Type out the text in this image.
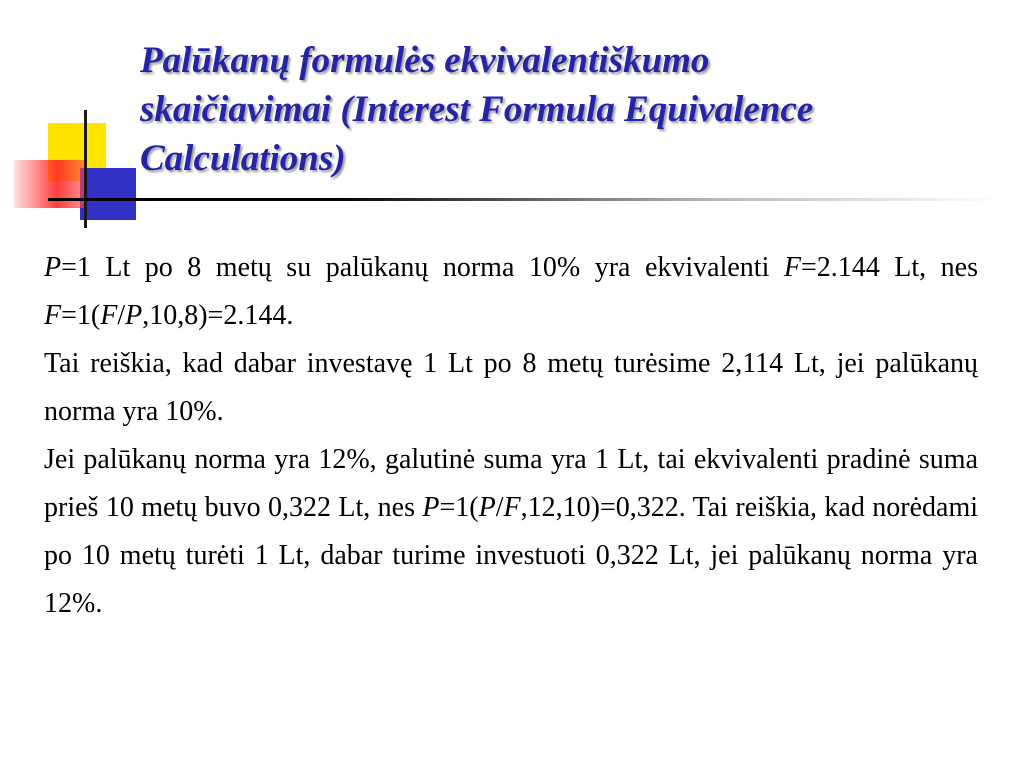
Palūkanų formulės ekvivalentiškumo
skaičiavimai (Interest Formula Equivalence
Calculations)

P=1 Lt po 8 metų su palūkanų norma 10% yra ekvivalenti F=2.144 Lt, nes F=1(F/P,10,8)=2.144.

Tai reiškia, kad dabar investavę 1 Lt po 8 metų turėsime 2,114 Lt, jei palūkanų norma yra 10%.

Jei palūkanų norma yra 12%, galutinė suma yra 1 Lt, tai ekvivalenti pradinė suma prieš 10 metų buvo 0,322 Lt, nes P=1(P/F,12,10)=0,322. Tai reiškia, kad norėdami po 10 metų turėti 1 Lt, dabar turime investuoti 0,322 Lt, jei palūkanų norma yra 12%.
